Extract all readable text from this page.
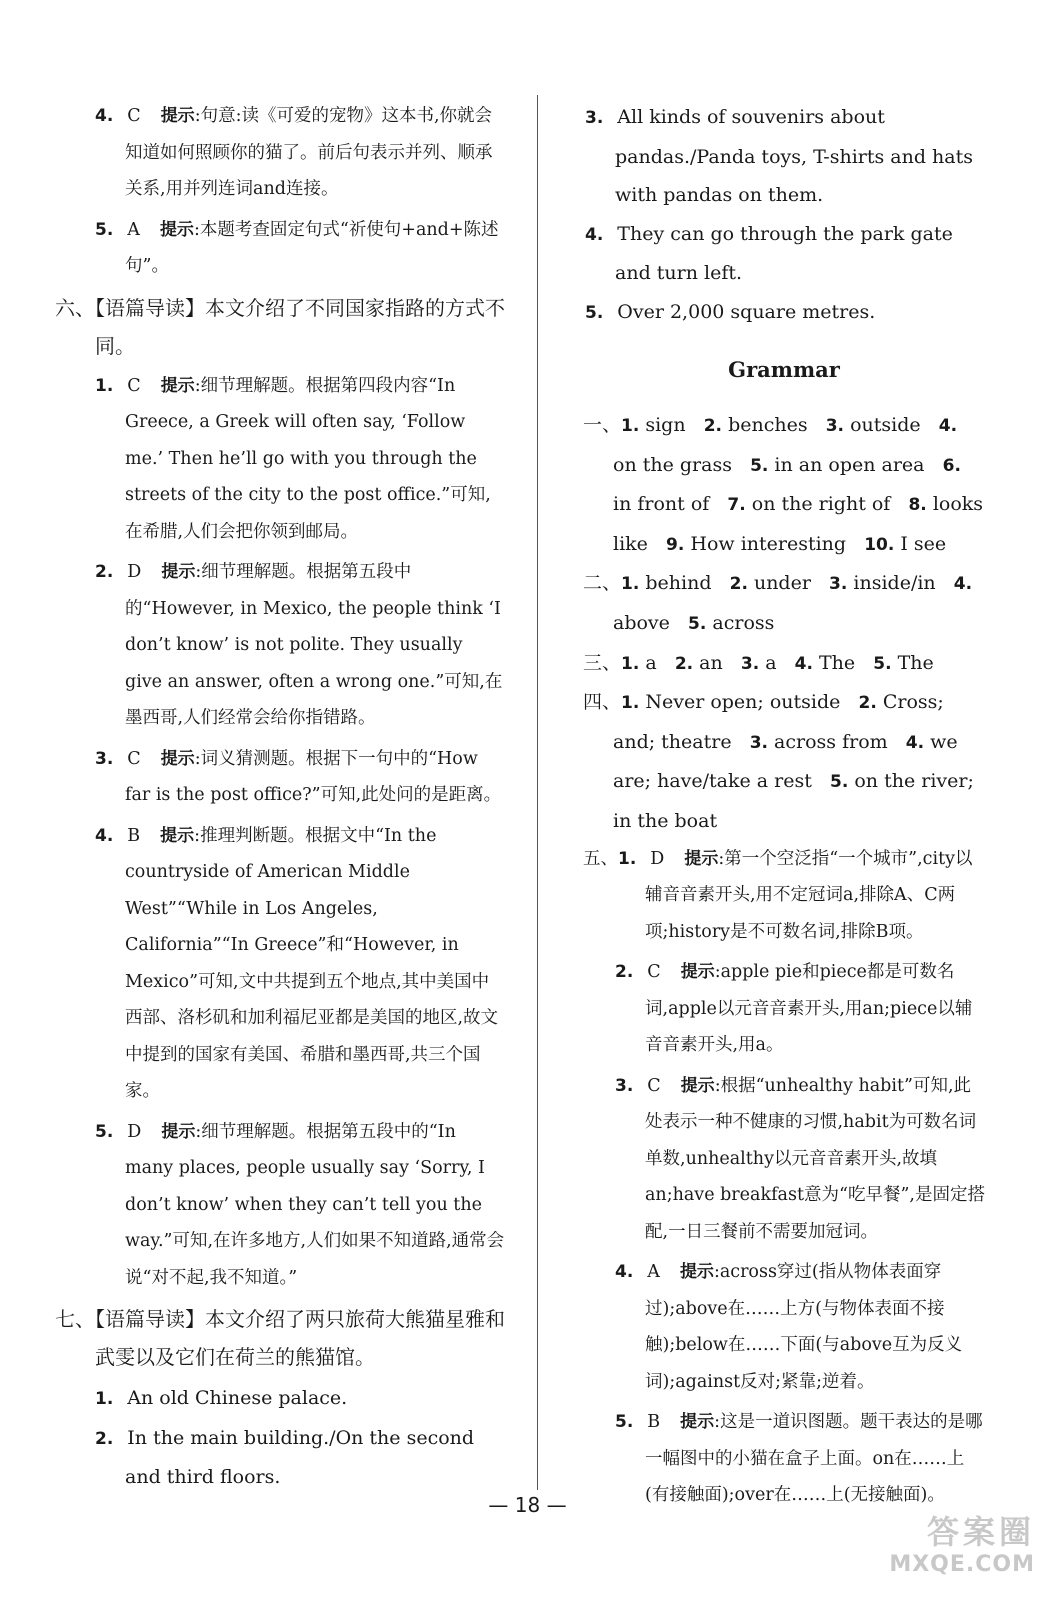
4. C 提示:句意:读《可爱的宠物》这本书,你就会知道如何照顾你的猫了。前后句表示并列、顺承关系,用并列连词and连接。

5. A 提示:本题考查固定句式“祈使句+and+陈述句”。

六、【语篇导读】本文介绍了不同国家指路的方式不同。

1. C 提示:细节理解题。根据第四段内容“In Greece, a Greek will often say, ‘Follow me.’ Then he’ll go with you through the streets of the city to the post office.”可知,在希腊,人们会把你领到邮局。

2. D 提示:细节理解题。根据第五段中的“However, in Mexico, the people think ‘I don’t know’ is not polite. They usually give an answer, often a wrong one.”可知,在墨西哥,人们经常会给你指错路。

3. C 提示:词义猜测题。根据下一句中的“How far is the post office?”可知,此处问的是距离。

4. B 提示:推理判断题。根据文中“In the countryside of American Middle West”“While in Los Angeles, California”“In Greece”和“However, in Mexico”可知,文中共提到五个地点,其中美国中西部、洛杉矶和加利福尼亚都是美国的地区,故文中提到的国家有美国、希腊和墨西哥,共三个国家。

5. D 提示:细节理解题。根据第五段中的“In many places, people usually say ‘Sorry, I don’t know’ when they can’t tell you the way.”可知,在许多地方,人们如果不知道路,通常会说“对不起,我不知道。”

七、【语篇导读】本文介绍了两只旅荷大熊猫星雅和武雯以及它们在荷兰的熊猫馆。

1. An old Chinese palace.

2. In the main building./On the second and third floors.

3. All kinds of souvenirs about pandas./Panda toys, T-shirts and hats with pandas on them.

4. They can go through the park gate and turn left.

5. Over 2,000 square metres.

Grammar

一、1. sign 2. benches 3. outside 4. on the grass 5. in an open area 6. in front of 7. on the right of 8. looks like 9. How interesting 10. I see

二、1. behind 2. under 3. inside/in 4. above 5. across

三、1. a 2. an 3. a 4. The 5. The

四、1. Never open; outside 2. Cross; and; theatre 3. across from 4. we are; have/take a rest 5. on the river; in the boat

五、1. D 提示:第一个空泛指“一个城市”,city以辅音音素开头,用不定冠词a,排除A、C两项;history是不可数名词,排除B项。

2. C 提示:apple pie和piece都是可数名词,apple以元音音素开头,用an;piece以辅音音素开头,用a。

3. C 提示:根据“unhealthy habit”可知,此处表示一种不健康的习惯,habit为可数名词单数,unhealthy以元音音素开头,故填an;have breakfast意为“吃早餐”,是固定搭配,一日三餐前不需要加冠词。

4. A 提示:across穿过(指从物体表面穿过);above在……上方(与物体表面不接触);below在……下面(与above互为反义词);against反对;紧靠;逆着。

5. B 提示:这是一道识图题。题干表达的是哪一幅图中的小猫在盒子上面。on在……上(有接触面);over在……上(无接触面)。

— 18 —
答案圈
MXQE.COM
